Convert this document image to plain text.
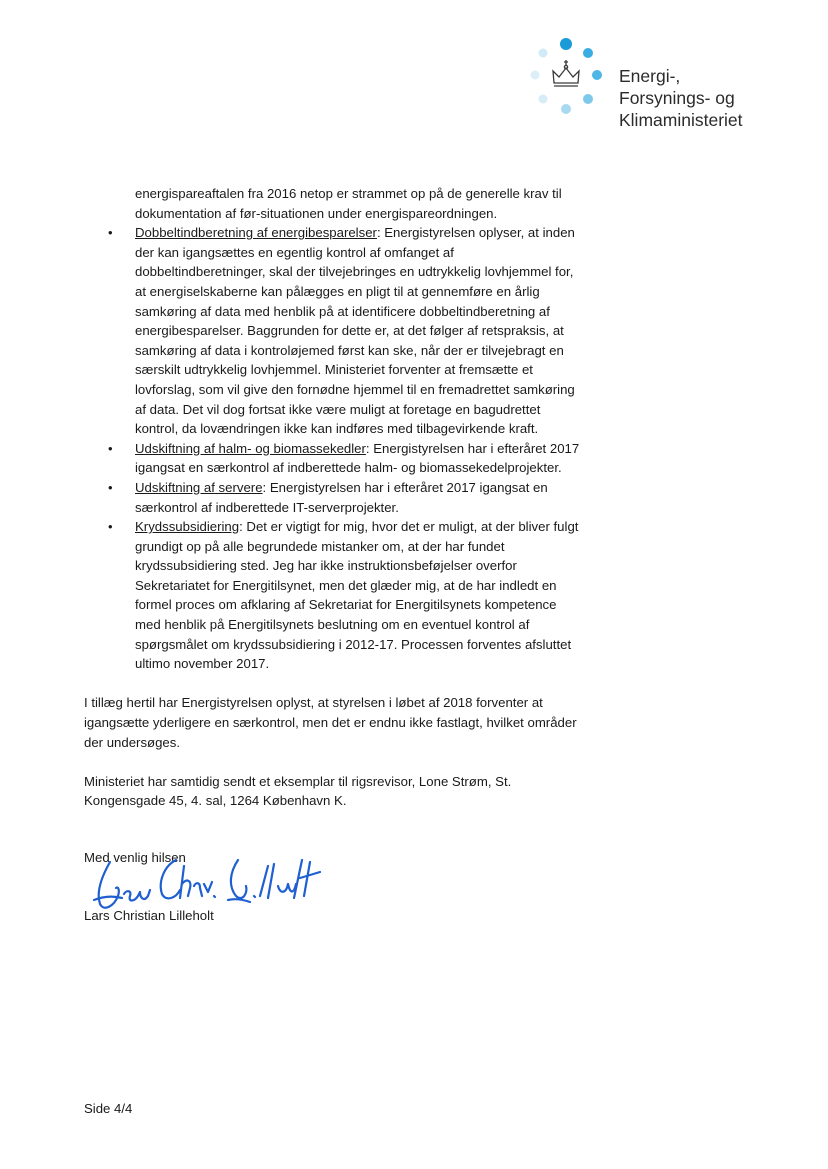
Energi-,
Forsynings- og
Klimaministeriet
energispareaftalen fra 2016 netop er strammet op på de generelle krav til dokumentation af før-situationen under energispareordningen.
• Dobbeltindberetning af energibesparelser: Energistyrelsen oplyser, at inden der kan igangsættes en egentlig kontrol af omfanget af dobbeltindberetninger, skal der tilvejebringes en udtrykkelig lovhjemmel for, at energiselskaberne kan pålægges en pligt til at gennemføre en årlig samkøring af data med henblik på at identificere dobbeltindberetning af energibesparelser. Baggrunden for dette er, at det følger af retspraksis, at samkøring af data i kontroløjemed først kan ske, når der er tilvejebragt en særskilt udtrykkelig lovhjemmel. Ministeriet forventer at fremsætte et lovforslag, som vil give den fornødne hjemmel til en fremadrettet samkøring af data. Det vil dog fortsat ikke være muligt at foretage en bagudrettet kontrol, da lovændringen ikke kan indføres med tilbagevirkende kraft.
• Udskiftning af halm- og biomassekedler: Energistyrelsen har i efteråret 2017 igangsat en særkontrol af indberettede halm- og biomassekedelprojekter.
• Udskiftning af servere: Energistyrelsen har i efteråret 2017 igangsat en særkontrol af indberettede IT-serverprojekter.
• Krydssubsidiering: Det er vigtigt for mig, hvor det er muligt, at der bliver fulgt grundigt op på alle begrundede mistanker om, at der har fundet krydssubsidiering sted. Jeg har ikke instruktionsbeføjelser overfor Sekretariatet for Energitilsynet, men det glæder mig, at de har indledt en formel proces om afklaring af Sekretariat for Energitilsynets kompetence med henblik på Energitilsynets beslutning om en eventuel kontrol af spørgsmålet om krydssubsidiering i 2012-17. Processen forventes afsluttet ultimo november 2017.

I tillæg hertil har Energistyrelsen oplyst, at styrelsen i løbet af 2018 forventer at igangsætte yderligere en særkontrol, men det er endnu ikke fastlagt, hvilket områder der undersøges.

Ministeriet har samtidig sendt et eksemplar til rigsrevisor, Lone Strøm, St. Kongensgade 45, 4. sal, 1264 København K.

Med venlig hilsen
Lars Christian Lilleholt
Side 4/4
